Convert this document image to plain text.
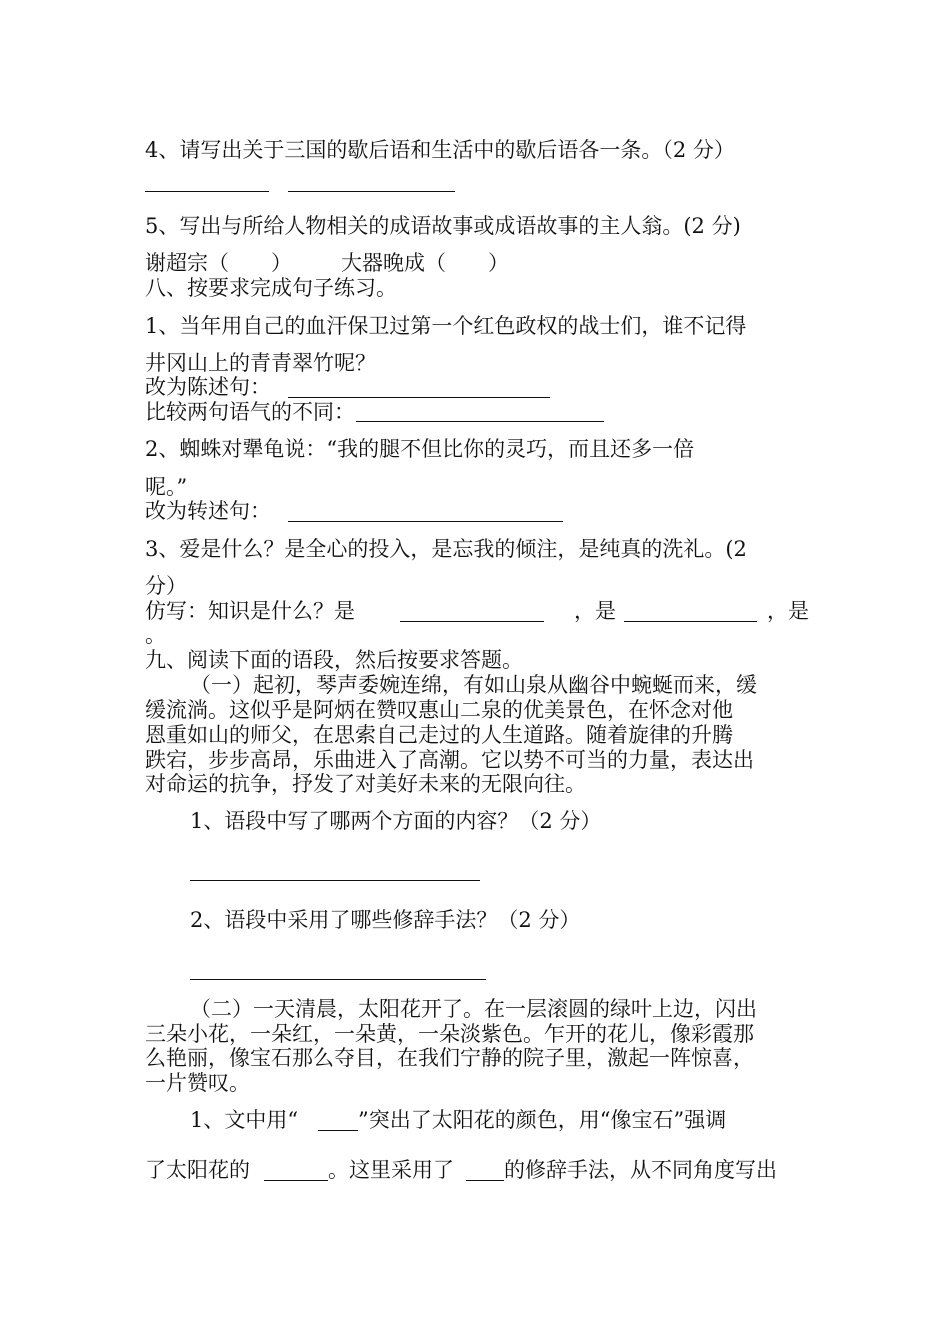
4、请写出关于三国的歇后语和生活中的歇后语各一条。（2 分）
5、写出与所给人物相关的成语故事或成语故事的主人翁。(2 分)
谢超宗（　　） 大器晚成（　　）
八、按要求完成句子练习。
1、当年用自己的血汗保卫过第一个红色政权的战士们，谁不记得
井冈山上的青青翠竹呢？
改为陈述句：
比较两句语气的不同：
2、蜘蛛对犟龟说：“我的腿不但比你的灵巧，而且还多一倍
呢。”
改为转述句：
3、爱是什么？是全心的投入，是忘我的倾注，是纯真的洗礼。(2
分）
仿写：知识是什么？是	，是	，是
。
九、阅读下面的语段，然后按要求答题。
（一）起初，琴声委婉连绵，有如山泉从幽谷中蜿蜒而来，缓
缓流淌。这似乎是阿炳在赞叹惠山二泉的优美景色，在怀念对他
恩重如山的师父，在思索自己走过的人生道路。随着旋律的升腾
跌宕，步步高昂，乐曲进入了高潮。它以势不可当的力量，表达出
对命运的抗争，抒发了对美好未来的无限向往。
1、语段中写了哪两个方面的内容？（2 分）
2、语段中采用了哪些修辞手法？（2 分）
（二）一天清晨，太阳花开了。在一层滚圆的绿叶上边，闪出
三朵小花，一朵红，一朵黄，一朵淡紫色。乍开的花儿，像彩霞那
么艳丽，像宝石那么夺目，在我们宁静的院子里，激起一阵惊喜，
一片赞叹。
1、文中用“	”突出了太阳花的颜色，用“像宝石”强调
了太阳花的	。这里采用了 的修辞手法，从不同角度写出
